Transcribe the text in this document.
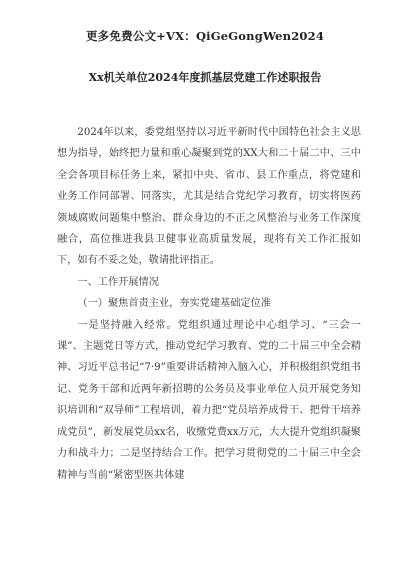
更多免费公文+VX：QiGeGongWen2024
Xx机关单位2024年度抓基层党建工作述职报告

2024年以来，委党组坚持以习近平新时代中国特色社会主义思想为指导，始终把力量和重心凝聚到党的XX大和二十届二中、三中全会各项目标任务上来，紧扣中央、省市、县工作重点，将党建和业务工作同部署、同落实，尤其是结合党纪学习教育，切实将医药领域腐败问题集中整治、群众身边的不正之风整治与业务工作深度融合，高位推进我县卫健事业高质量发展，现将有关工作汇报如下，如有不妥之处，敬请批评指正。

一、工作开展情况

（一）聚焦首责主业，夯实党建基础定位准

一是坚持融入经常。党组织通过理论中心组学习、“三会一课”、主题党日等方式，推动党纪学习教育、党的二十届三中全会精神、习近平总书记“7·9”重要讲话精神入脑入心，并积极组织党组书记、党务干部和近两年新招聘的公务员及事业单位人员开展党务知识培训和“双导师”工程培训，着力把“党员培养成骨干、把骨干培养成党员”，新发展党员xx名，收缴党费xx万元，大大提升党组织凝聚力和战斗力；二是坚持结合工作。把学习贯彻党的二十届三中全会精神与当前“紧密型医共体建
